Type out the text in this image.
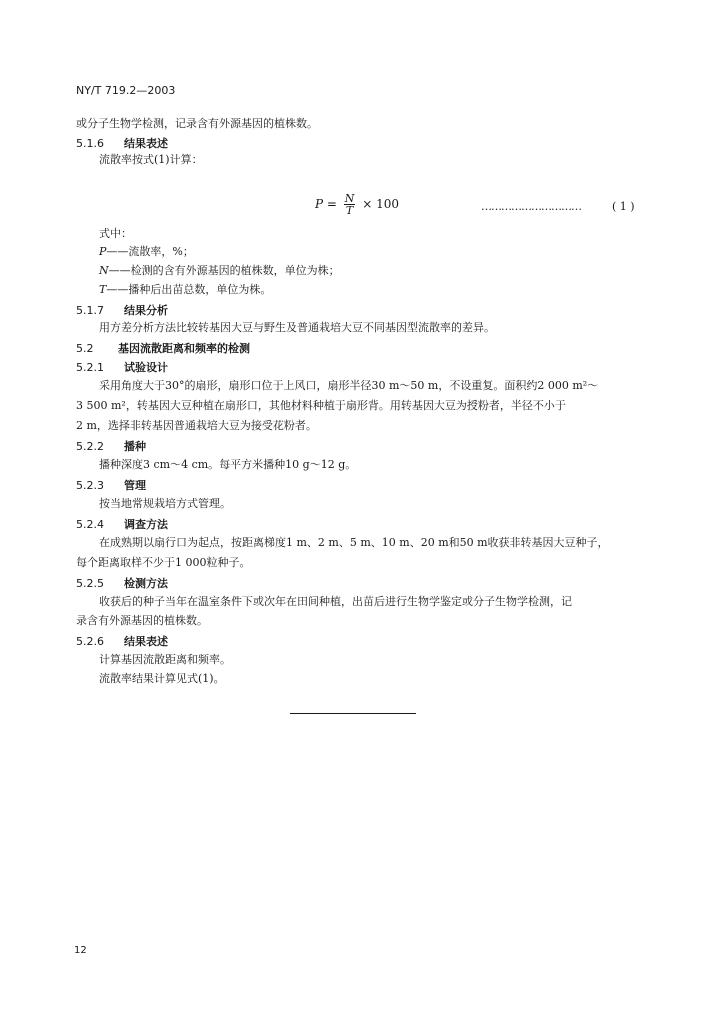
NY/T 719.2—2003
或分子生物学检测，记录含有外源基因的植株数。
5.1.6 结果表述
流散率按式(1)计算：
$P = \frac{N}{T} \times 100$	…………………………	( 1 )
式中：
P——流散率，%；
N——检测的含有外源基因的植株数，单位为株；
T——播种后出苗总数，单位为株。
5.1.7 结果分析
用方差分析方法比较转基因大豆与野生及普通栽培大豆不同基因型流散率的差异。
5.2 基因流散距离和频率的检测
5.2.1 试验设计
采用角度大于30°的扇形，扇形口位于上风口，扇形半径30 m～50 m，不设重复。面积约2 000 m²～
3 500 m²，转基因大豆种植在扇形口，其他材料种植于扇形背。用转基因大豆为授粉者，半径不小于
2 m，选择非转基因普通栽培大豆为接受花粉者。
5.2.2 播种
播种深度3 cm～4 cm。每平方米播种10 g～12 g。
5.2.3 管理
按当地常规栽培方式管理。
5.2.4 调查方法
在成熟期以扇行口为起点，按距离梯度1 m、2 m、5 m、10 m、20 m和50 m收获非转基因大豆种子，
每个距离取样不少于1 000粒种子。
5.2.5 检测方法
收获后的种子当年在温室条件下或次年在田间种植，出苗后进行生物学鉴定或分子生物学检测，记
录含有外源基因的植株数。
5.2.6 结果表述
计算基因流散距离和频率。
流散率结果计算见式(1)。
12
